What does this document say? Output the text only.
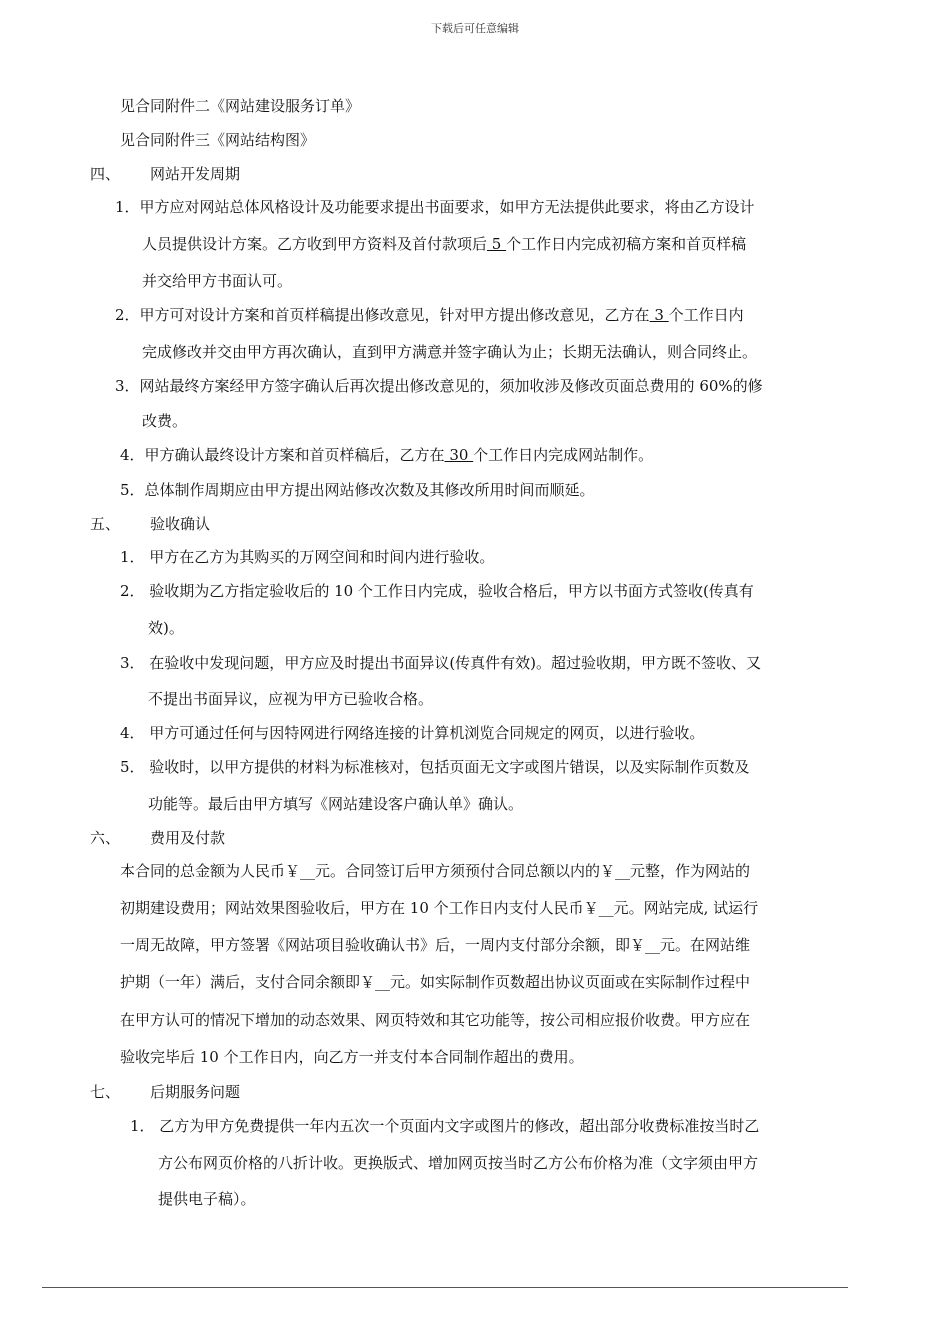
下载后可任意编辑
见合同附件二《网站建设服务订单》
见合同附件三《网站结构图》
四、 网站开发周期
1．甲方应对网站总体风格设计及功能要求提出书面要求，如甲方无法提供此要求，将由乙方设计
人员提供设计方案。乙方收到甲方资料及首付款项后 5 个工作日内完成初稿方案和首页样稿
并交给甲方书面认可。
2．甲方可对设计方案和首页样稿提出修改意见，针对甲方提出修改意见，乙方在 3 个工作日内
完成修改并交由甲方再次确认，直到甲方满意并签字确认为止；长期无法确认，则合同终止。
3．网站最终方案经甲方签字确认后再次提出修改意见的，须加收涉及修改页面总费用的 60%的修
改费。
4．甲方确认最终设计方案和首页样稿后，乙方在 30 个工作日内完成网站制作。
5．总体制作周期应由甲方提出网站修改次数及其修改所用时间而顺延。
五、 验收确认
1． 甲方在乙方为其购买的万网空间和时间内进行验收。
2． 验收期为乙方指定验收后的 10 个工作日内完成，验收合格后，甲方以书面方式签收(传真有
效)。
3． 在验收中发现问题，甲方应及时提出书面异议(传真件有效)。超过验收期，甲方既不签收、又
不提出书面异议，应视为甲方已验收合格。
4． 甲方可通过任何与因特网进行网络连接的计算机浏览合同规定的网页，以进行验收。
5． 验收时，以甲方提供的材料为标准核对，包括页面无文字或图片错误，以及实际制作页数及
功能等。最后由甲方填写《网站建设客户确认单》确认。
六、 费用及付款
本合同的总金额为人民币￥__元。合同签订后甲方须预付合同总额以内的￥__元整，作为网站的
初期建设费用；网站效果图验收后，甲方在 10 个工作日内支付人民币￥__元。网站完成, 试运行
一周无故障，甲方签署《网站项目验收确认书》后，一周内支付部分余额，即￥__元。在网站维
护期（一年）满后，支付合同余额即￥__元。如实际制作页数超出协议页面或在实际制作过程中
在甲方认可的情况下增加的动态效果、网页特效和其它功能等，按公司相应报价收费。甲方应在
验收完毕后 10 个工作日内，向乙方一并支付本合同制作超出的费用。
七、 后期服务问题
1． 乙方为甲方免费提供一年内五次一个页面内文字或图片的修改，超出部分收费标准按当时乙
方公布网页价格的八折计收。更换版式、增加网页按当时乙方公布价格为准（文字须由甲方
提供电子稿）。
